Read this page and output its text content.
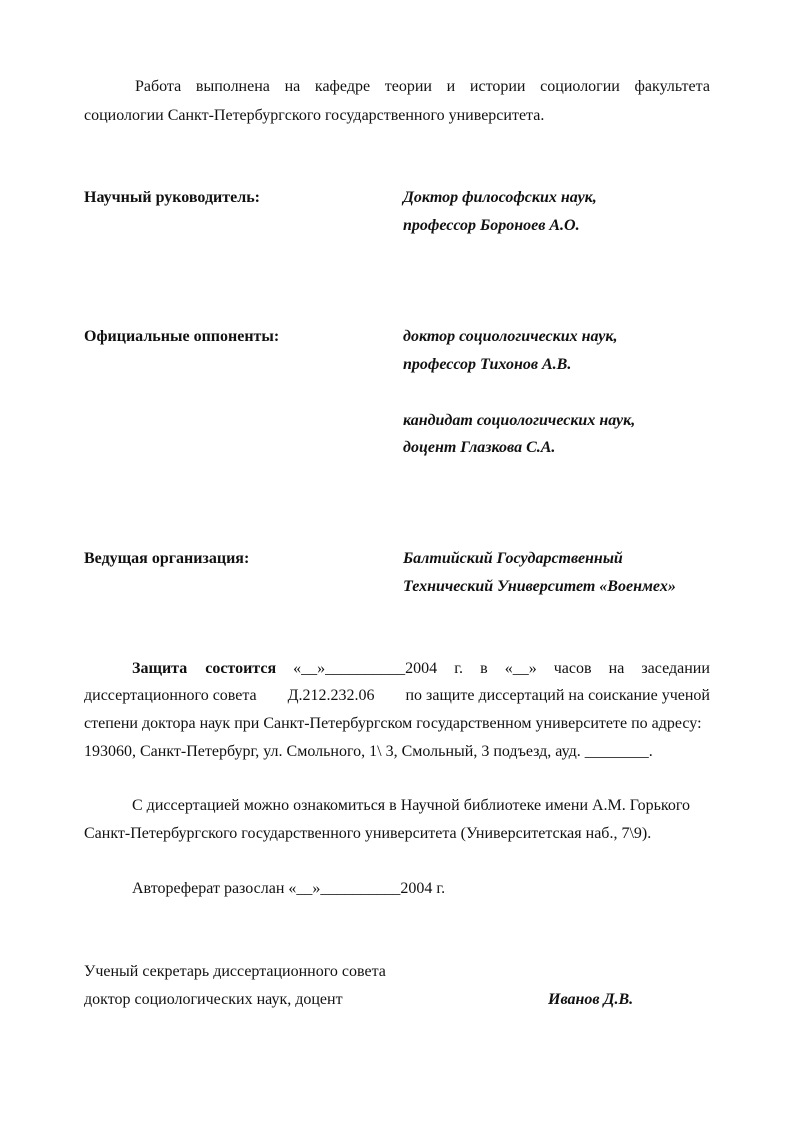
Работа выполнена на кафедре теории и истории социологии факультета
социологии Санкт-Петербургского государственного университета.
Научный руководитель:	Доктор философских наук,
профессор Бороноев А.О.
Официальные оппоненты:	доктор социологических наук,
профессор Тихонов А.В.
кандидат социологических наук,
доцент Глазкова С.А.
Ведущая организация:	Балтийский Государственный
Технический Университет «Военмех»
Защита состоится «__»__________2004 г. в «__» часов на заседании
диссертационного совета Д.212.232.06 по защите диссертаций на соискание ученой
степени доктора наук при Санкт-Петербургском государственном университете по адресу:
193060, Санкт-Петербург, ул. Смольного, 1\ 3, Смольный, 3 подъезд, ауд. ________.
С диссертацией можно ознакомиться в Научной библиотеке имени А.М. Горького
Санкт-Петербургского государственного университета (Университетская наб., 7\9).
Автореферат разослан «__»__________2004 г.
Ученый секретарь диссертационного совета
доктор социологических наук, доцент	Иванов Д.В.
